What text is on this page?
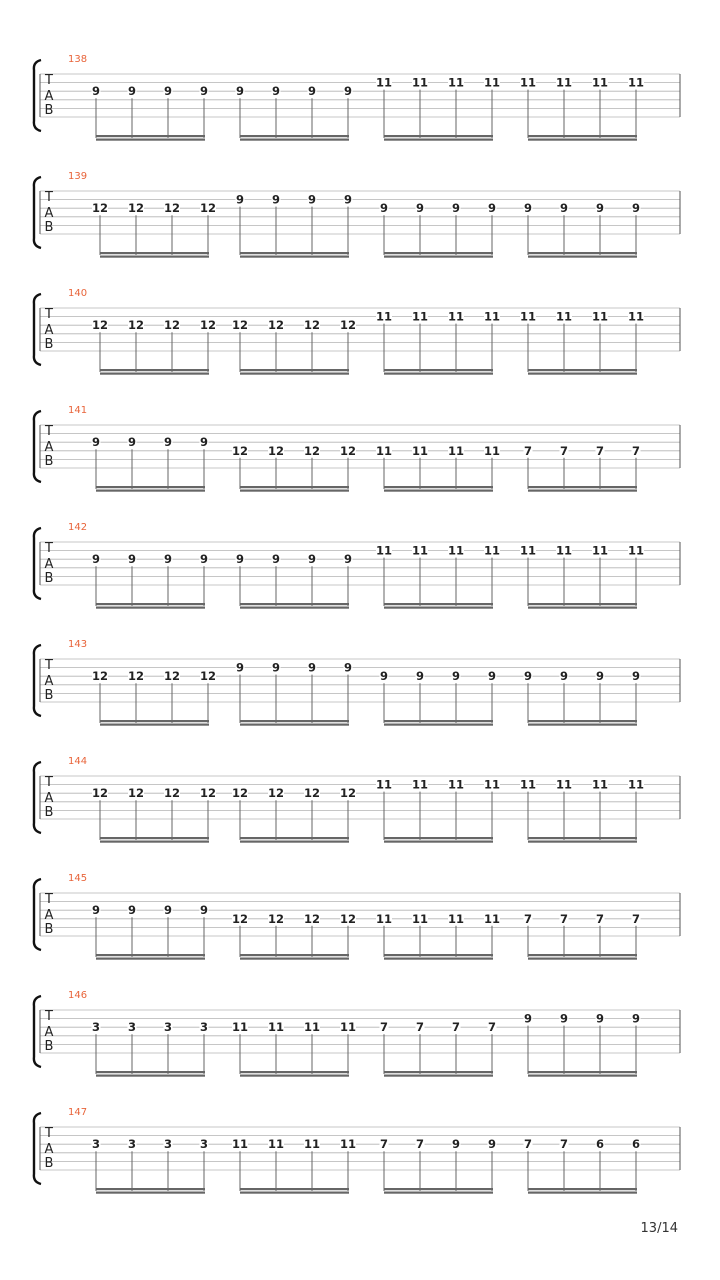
138
T
A
B
9 9 9 9 9 9 9 9
11 11 11 11 11 11 11 11
139
T
A
B
12 12 12 12
9 9 9 9
9 9 9 9 9 9 9 9
140
T
A
B
12 12 12 12 12 12 12 12
11 11 11 11 11 11 11 11
141
T
A
B
9 9 9 9
12 12 12 12 11 11 11 11 7 7 7 7
142
T
A
B
9 9 9 9 9 9 9 9
11 11 11 11 11 11 11 11
143
T
A
B
12 12 12 12
9 9 9 9
9 9 9 9 9 9 9 9
144
T
A
B
12 12 12 12 12 12 12 12
11 11 11 11 11 11 11 11
145
T
A
B
9 9 9 9
12 12 12 12 11 11 11 11 7 7 7 7
146
T
A
B
3 3 3 3 11 11 11 11 7 7 7 7
9 9 9 9
147
T
A
B
3 3 3 3 11 11 11 11 7 7 9 9 7 7 6 6
13/14
